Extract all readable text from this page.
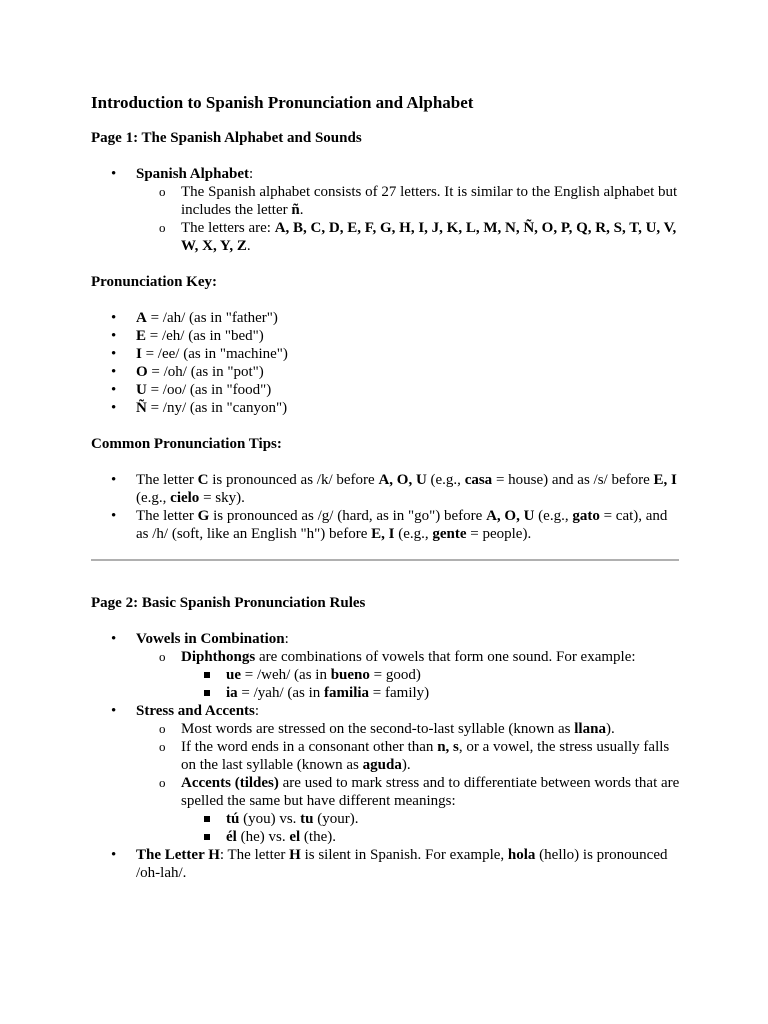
Introduction to Spanish Pronunciation and Alphabet
Page 1: The Spanish Alphabet and Sounds
• Spanish Alphabet:
o The Spanish alphabet consists of 27 letters. It is similar to the English alphabet but includes the letter ñ.
o The letters are: A, B, C, D, E, F, G, H, I, J, K, L, M, N, Ñ, O, P, Q, R, S, T, U, V, W, X, Y, Z.
Pronunciation Key:
• A = /ah/ (as in "father")
• E = /eh/ (as in "bed")
• I = /ee/ (as in "machine")
• O = /oh/ (as in "pot")
• U = /oo/ (as in "food")
• Ñ = /ny/ (as in "canyon")
Common Pronunciation Tips:
• The letter C is pronounced as /k/ before A, O, U (e.g., casa = house) and as /s/ before E, I (e.g., cielo = sky).
• The letter G is pronounced as /g/ (hard, as in "go") before A, O, U (e.g., gato = cat), and as /h/ (soft, like an English "h") before E, I (e.g., gente = people).
Page 2: Basic Spanish Pronunciation Rules
• Vowels in Combination:
o Diphthongs are combinations of vowels that form one sound. For example:
ue = /weh/ (as in bueno = good)
ia = /yah/ (as in familia = family)
• Stress and Accents:
o Most words are stressed on the second-to-last syllable (known as llana).
o If the word ends in a consonant other than n, s, or a vowel, the stress usually falls on the last syllable (known as aguda).
o Accents (tildes) are used to mark stress and to differentiate between words that are spelled the same but have different meanings:
tú (you) vs. tu (your).
él (he) vs. el (the).
• The Letter H: The letter H is silent in Spanish. For example, hola (hello) is pronounced /oh-lah/.
